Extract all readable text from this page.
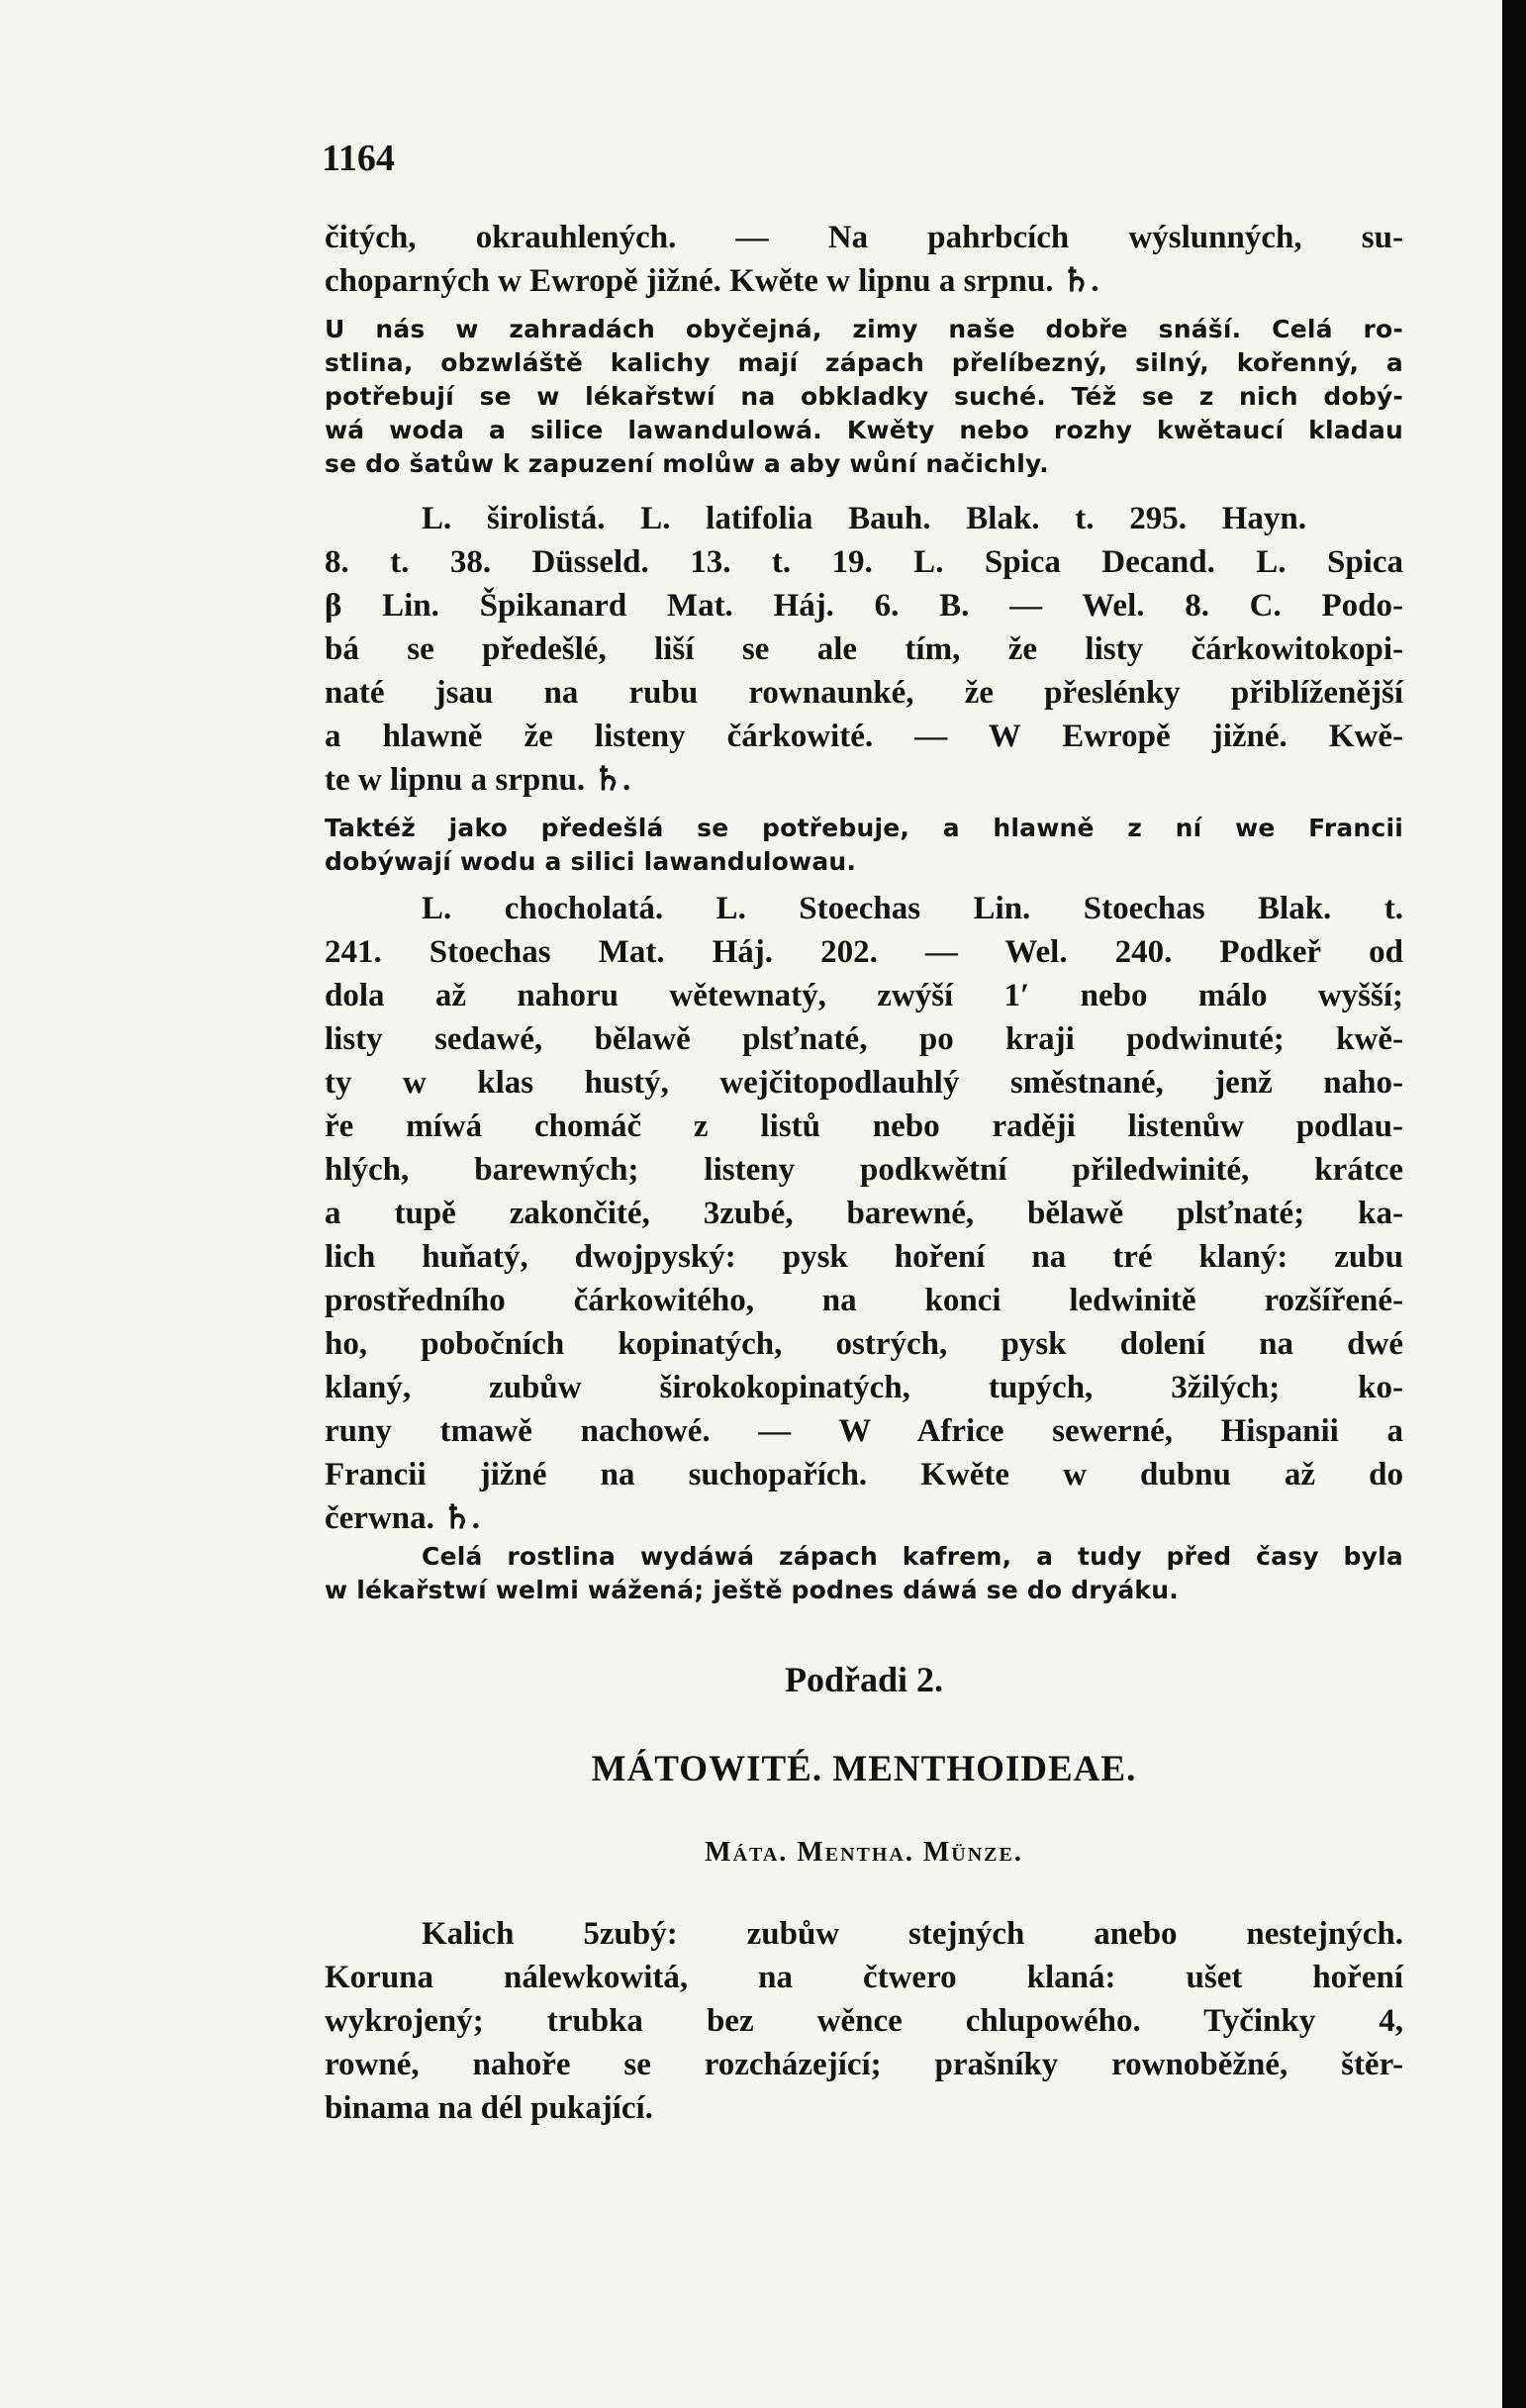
1164

čitých, okrauhlených. — Na pahrbcích wýslunných, su-

choparných w Ewropě jižné. Kwěte w lipnu a srpnu. ♄.

U nás w zahradách obyčejná, zimy naše dobře snáší. Celá ro-

stlina, obzwláště kalichy mají zápach přelíbezný, silný, kořenný, a

potřebují se w lékařstwí na obkladky suché. Též se z nich dobý-

wá woda a silice lawandulowá. Kwěty nebo rozhy kwětaucí kladau

se do šatůw k zapuzení molůw a aby wůní načichly.

L. širolistá. L. latifolia Bauh. Blak. t. 295. Hayn.

8. t. 38. Düsseld. 13. t. 19. L. Spica Decand. L. Spica

β Lin. Špikanard Mat. Háj. 6. B. — Wel. 8. C. Podo-

bá se předešlé, liší se ale tím, že listy čárkowitokopi-

naté jsau na rubu rownaunké, že přeslénky přiblíženější

a hlawně že listeny čárkowité. — W Ewropě jižné. Kwě-

te w lipnu a srpnu. ♄.

Taktéž jako předešlá se potřebuje, a hlawně z ní we Francii

dobýwají wodu a silici lawandulowau.

L. chocholatá. L. Stoechas Lin. Stoechas Blak. t.

241. Stoechas Mat. Háj. 202. — Wel. 240. Podkeř od

dola až nahoru wětewnatý, zwýší 1′ nebo málo wyšší;

listy sedawé, bělawě plsťnaté, po kraji podwinuté; kwě-

ty w klas hustý, wejčitopodlauhlý směstnané, jenž naho-

ře míwá chomáč z listů nebo raději listenůw podlau-

hlých, barewných; listeny podkwětní přiledwinité, krátce

a tupě zakončité, 3zubé, barewné, bělawě plsťnaté; ka-

lich huňatý, dwojpyský: pysk hoření na tré klaný: zubu

prostředního čárkowitého, na konci ledwinitě rozšířené-

ho, pobočních kopinatých, ostrých, pysk dolení na dwé

klaný, zubůw širokokopinatých, tupých, 3žilých; ko-

runy tmawě nachowé. — W Africe sewerné, Hispanii a

Francii jižné na suchopařích. Kwěte w dubnu až do

čerwna. ♄.

Celá rostlina wydáwá zápach kafrem, a tudy před časy byla

w lékařstwí welmi wážená; ještě podnes dáwá se do dryáku.

Podřadi 2.

MÁTOWITÉ. MENTHOIDEAE.

Máta. Mentha. Münze.

Kalich 5zubý: zubůw stejných anebo nestejných.

Koruna nálewkowitá, na čtwero klaná: ušet hoření

wykrojený; trubka bez wěnce chlupowého. Tyčinky 4,

rowné, nahoře se rozcházející; prašníky rownoběžné, štěr-

binama na dél pukající.
